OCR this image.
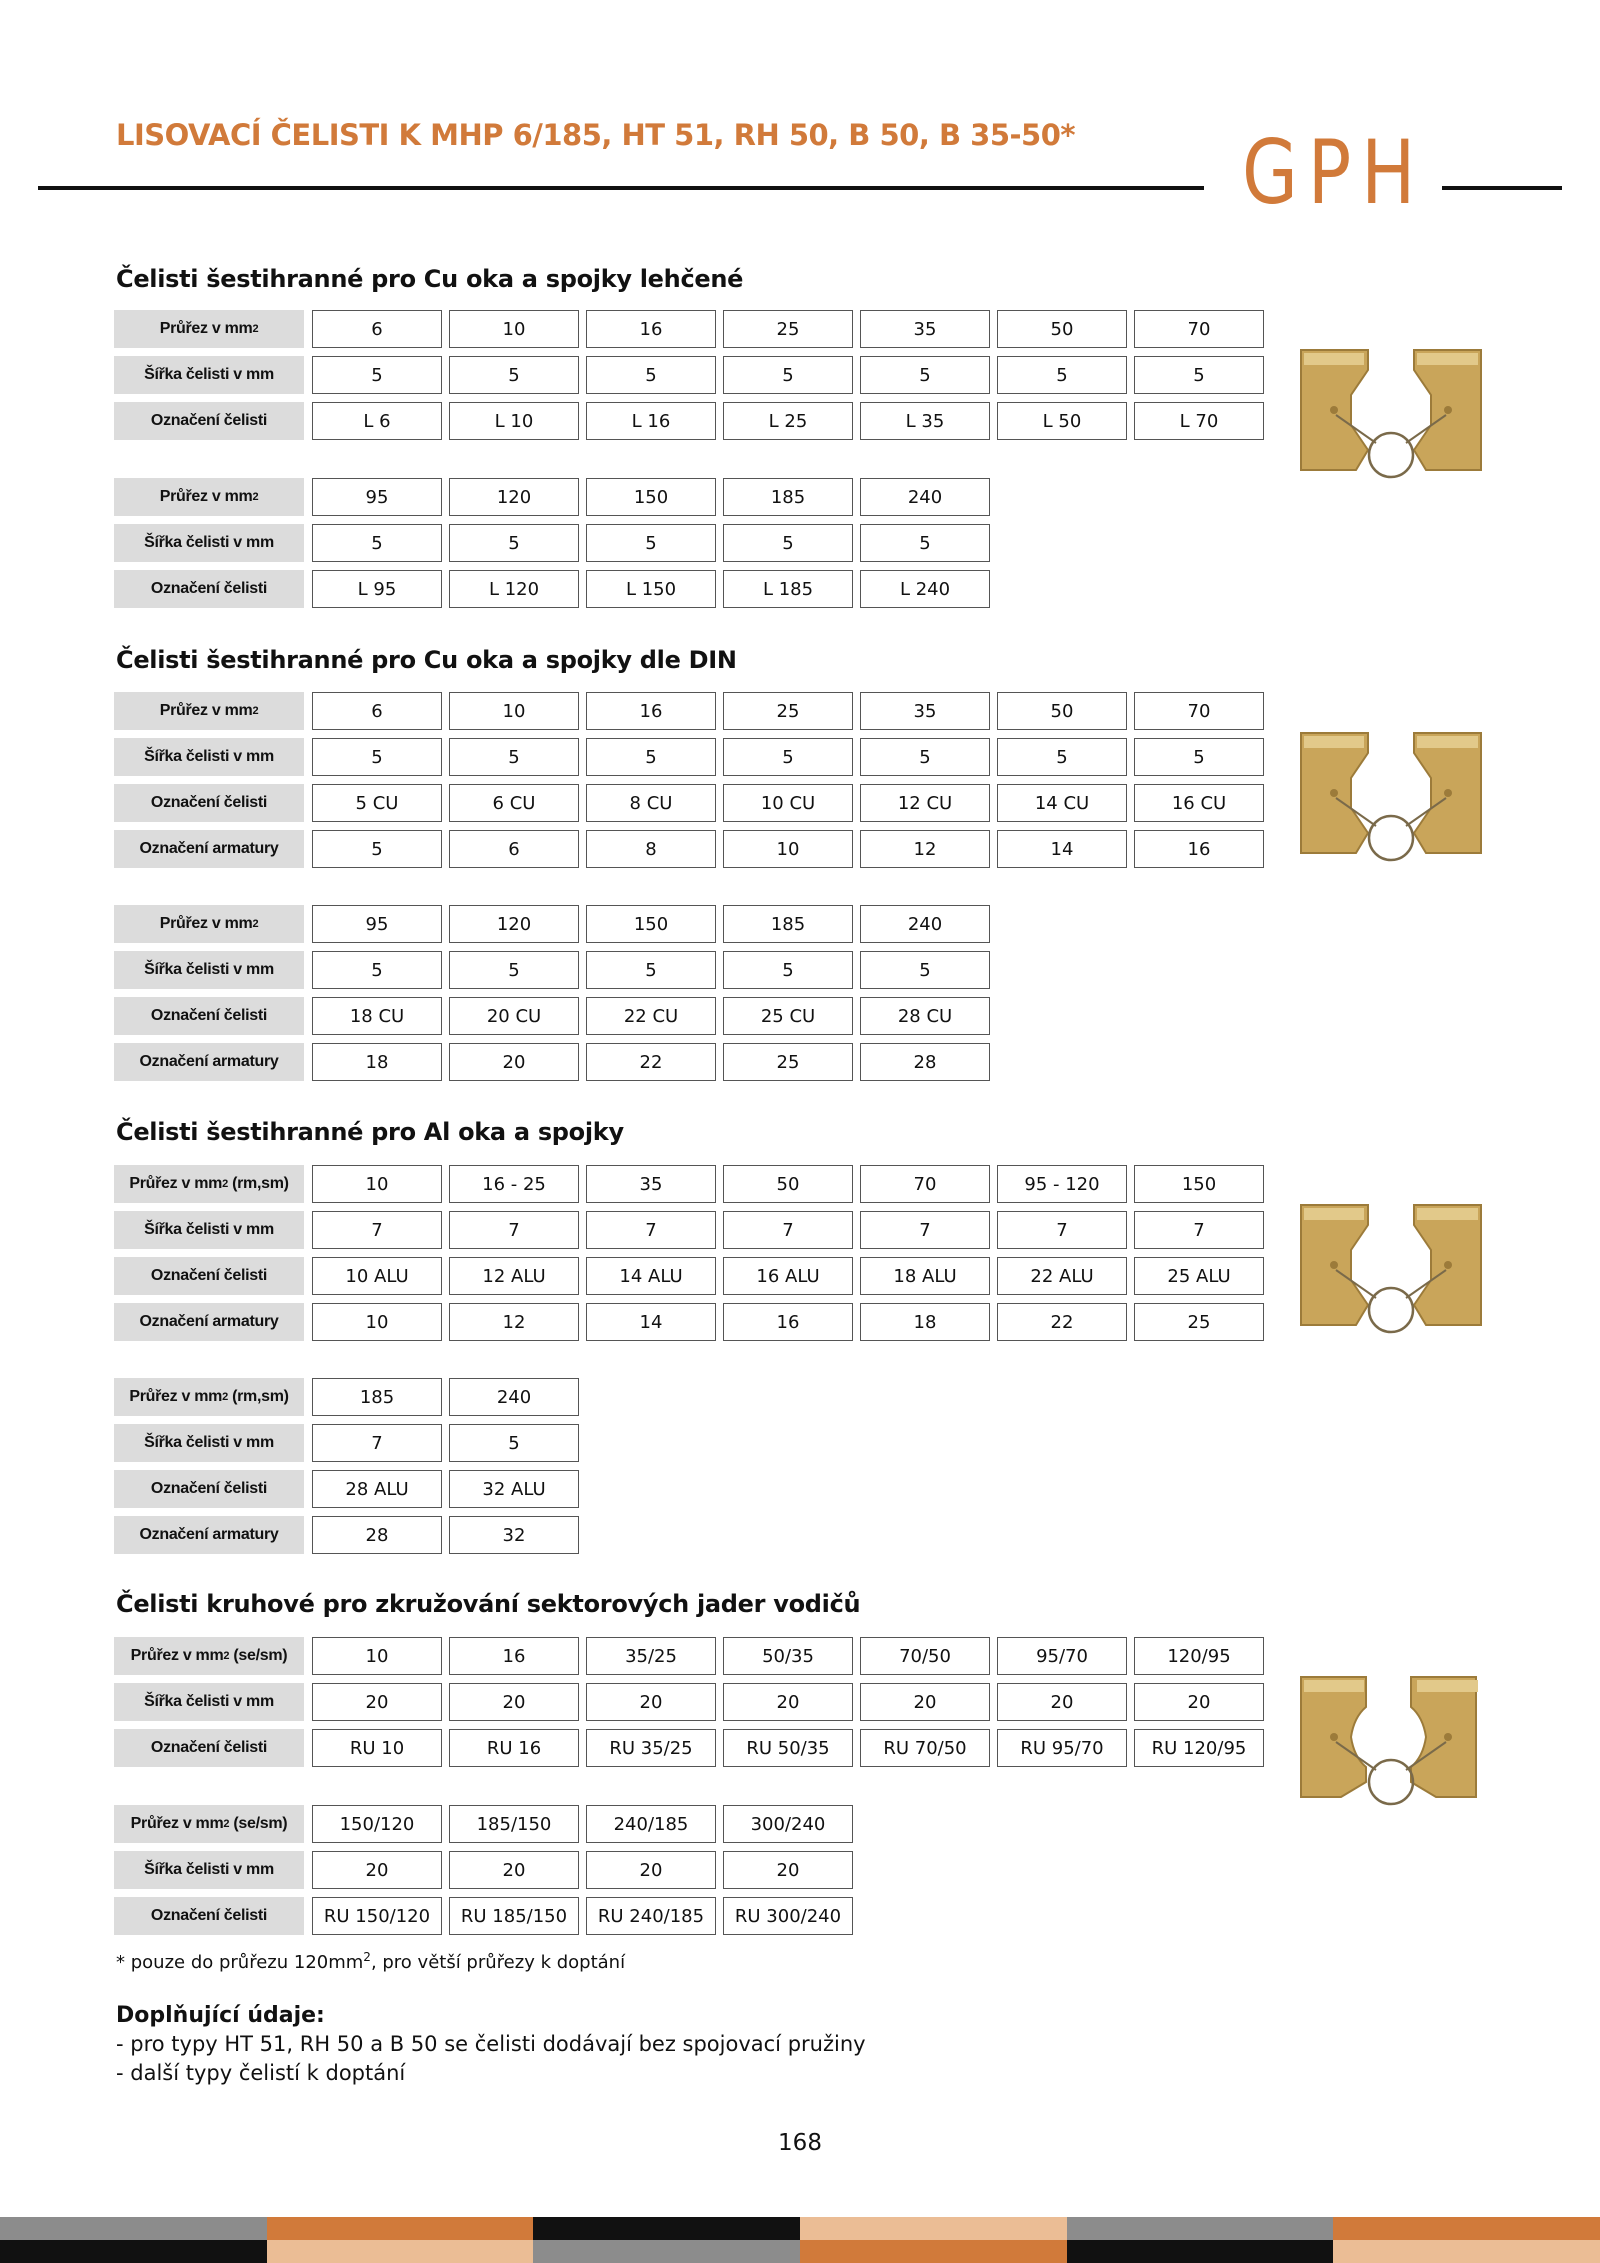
LISOVACÍ ČELISTI K MHP 6/185, HT 51, RH 50, B 50, B 35-50* GPH
Čelisti šestihranné pro Cu oka a spojky lehčené
Průřez v mm 2	6	10	16	25	35	50	70
Šířka čelisti v mm	5	5	5	5	5	5	5
Označení čelisti	L 6	L 10	L 16	L 25	L 35	L 50	L 70
Průřez v mm 2	95	120	150	185	240
Šířka čelisti v mm	5	5	5	5	5
Označení čelisti	L 95	L 120	L 150	L 185	L 240
Čelisti šestihranné pro Cu oka a spojky dle DIN
Průřez v mm 2	6	10	16	25	35	50	70
Šířka čelisti v mm	5	5	5	5	5	5	5
Označení čelisti	5 CU	6 CU	8 CU	10 CU	12 CU	14 CU	16 CU
Označení armatury	5	6	8	10	12	14	16
Průřez v mm 2	95	120	150	185	240
Šířka čelisti v mm	5	5	5	5	5
Označení čelisti	18 CU	20 CU	22 CU	25 CU	28 CU
Označení armatury	18	20	22	25	28
Čelisti šestihranné pro Al oka a spojky
Průřez v mm 2 (rm,sm)	10	16 - 25	35	50	70	95 - 120	150
Šířka čelisti v mm	7	7	7	7	7	7	7
Označení čelisti	10 ALU	12 ALU	14 ALU	16 ALU	18 ALU	22 ALU	25 ALU
Označení armatury	10	12	14	16	18	22	25
Průřez v mm 2 (rm,sm)	185	240
Šířka čelisti v mm	7	5
Označení čelisti	28 ALU	32 ALU
Označení armatury	28	32
Čelisti kruhové pro zkružování sektorových jader vodičů
Průřez v mm 2 (se/sm)	10	16	35/25	50/35	70/50	95/70	120/95
Šířka čelisti v mm	20	20	20	20	20	20	20
Označení čelisti	RU 10	RU 16	RU 35/25	RU 50/35	RU 70/50	RU 95/70	RU 120/95
Průřez v mm 2 (se/sm)	150/120	185/150	240/185	300/240
Šířka čelisti v mm	20	20	20	20
Označení čelisti	RU 150/120	RU 185/150	RU 240/185	RU 300/240

* pouze do průřezu $120mm^2$, pro větší průřezy k doptání

Doplňující údaje:

- pro typy HT 51, RH 50 a B 50 se čelisti dodávají bez spojovací pružiny

- další typy čelistí k doptání

168
